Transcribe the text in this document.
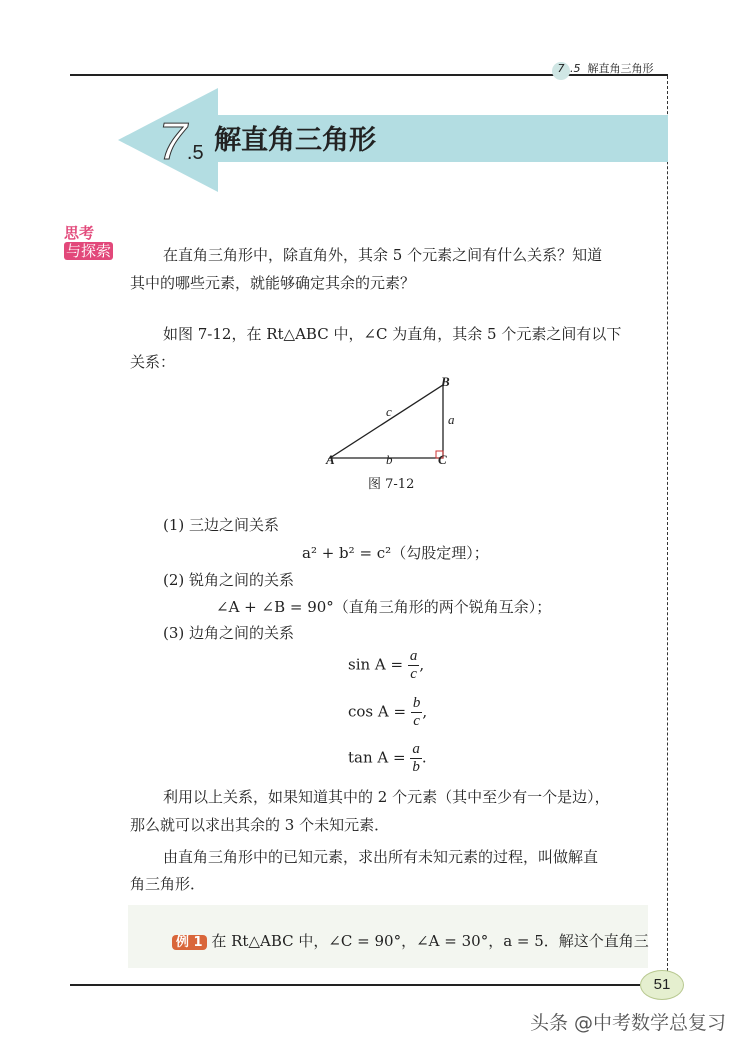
7 .5 解直角三角形
7.5 解直角三角形
思考
与探索	在直角三角形中，除直角外，其余 5 个元素之间有什么关系？知道
其中的哪些元素，就能够确定其余的元素？
如图 7-12，在 Rt△ABC 中，∠C 为直角，其余 5 个元素之间有以下
关系：
A
B
C
a
b
c
图 7-12
(1) 三边之间关系
a² + b² = c²（勾股定理）；
(2) 锐角之间的关系
∠A + ∠B = 90°（直角三角形的两个锐角互余）；
(3) 边角之间的关系
$\sin A = \frac{a}{c}$ ,
$\cos A = \frac{b}{c}$ ,
$\tan A = \frac{a}{b}$ .
利用以上关系，如果知道其中的 2 个元素（其中至少有一个是边），
那么就可以求出其余的 3 个未知元素．
由直角三角形中的已知元素，求出所有未知元素的过程，叫做解直
角三角形．
例 1 在 Rt△ABC 中，∠C = 90°，∠A = 30°，a = 5．解这个直角三
51
头条 @中考数学总复习
